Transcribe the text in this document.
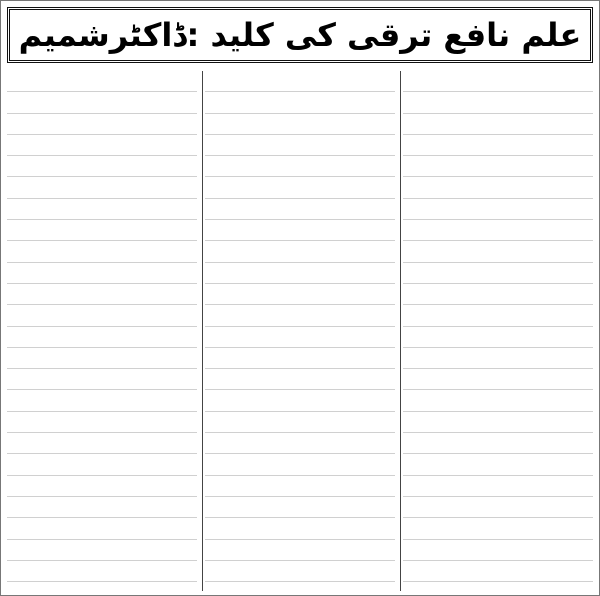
علم نافع ترقی کی کلید :ڈاکٹرشمیم
